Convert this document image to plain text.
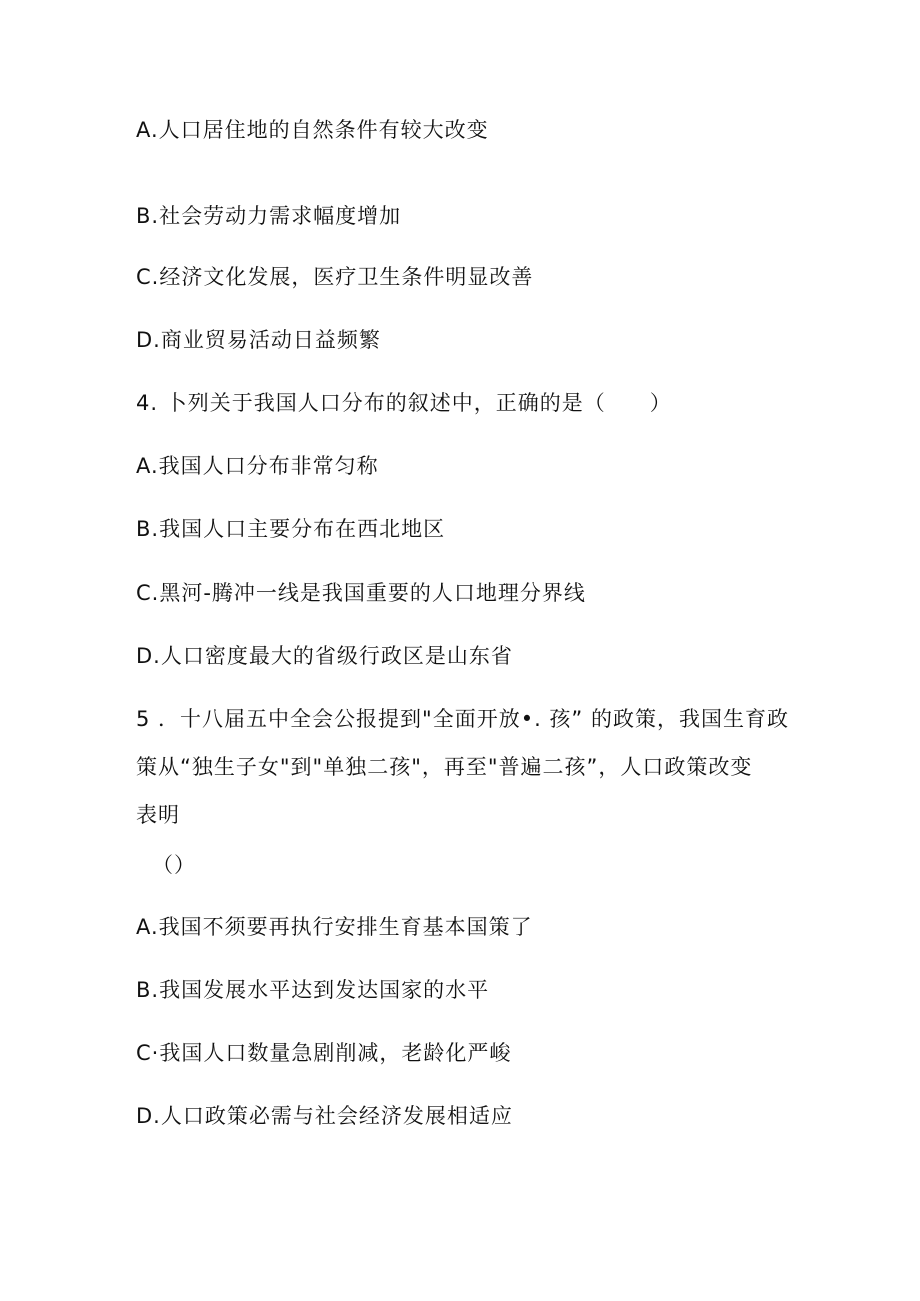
A.人口居住地的自然条件有较大改变
B.社会劳动力需求幅度增加
C.经济文化发展，医疗卫生条件明显改善
D.商业贸易活动日益频繁
4. 卜列关于我国人口分布的叙述中，正确的是（　　）
A.我国人口分布非常匀称
B.我国人口主要分布在西北地区
C.黑河-腾冲一线是我国重要的人口地理分界线
D.人口密度最大的省级行政区是山东省
5 ．十八届五中全会公报提到"全面开放•. 孩” 的政策，我国生育政
策从“独生子女"到"单独二孩"，再至"普遍二孩”，人口政策改变
表明
（）
A.我国不须要再执行安排生育基本国策了
B.我国发展水平达到发达国家的水平
C·我国人口数量急剧削减，老龄化严峻
D.人口政策必需与社会经济发展相适应
